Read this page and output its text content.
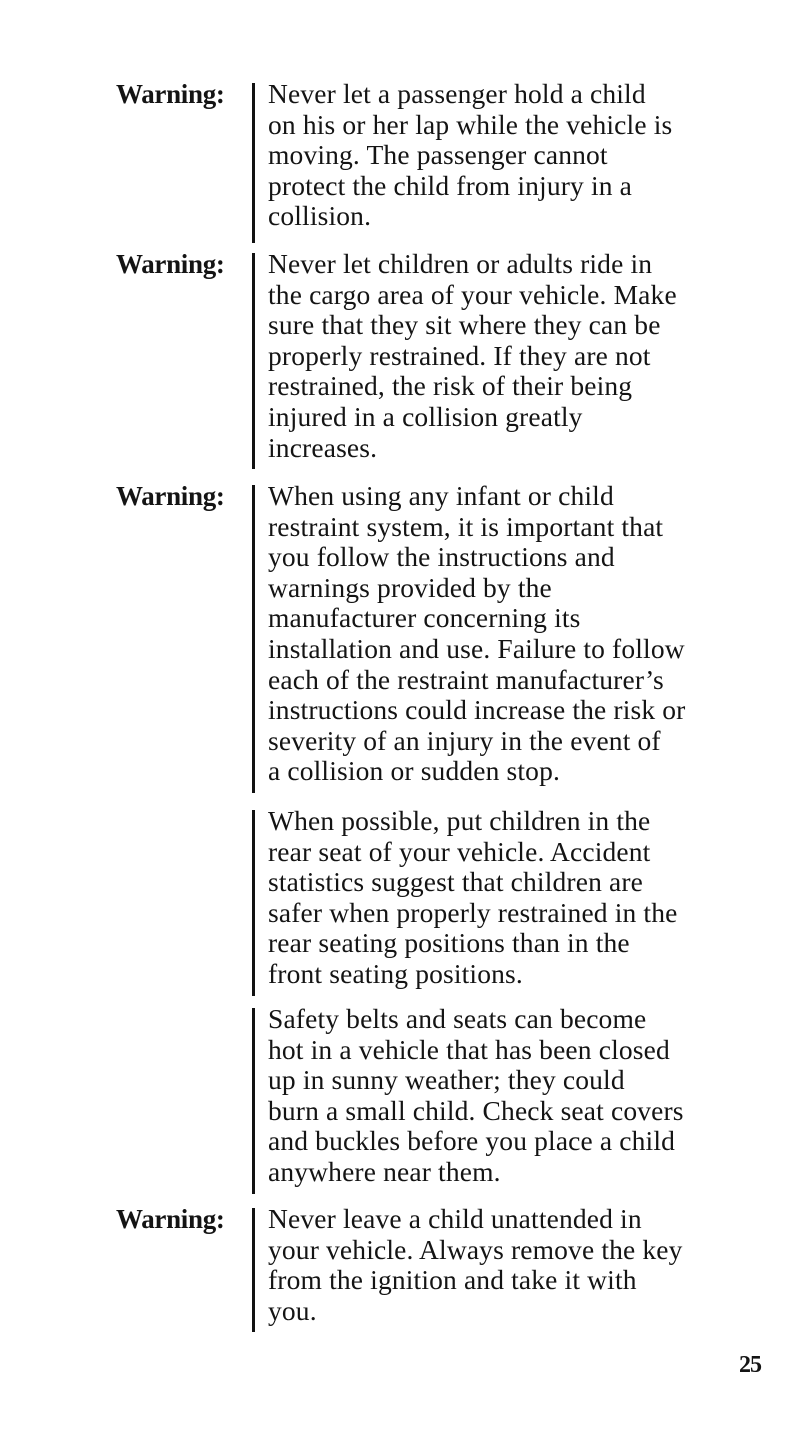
Warning: Never let a passenger hold a child
on his or her lap while the vehicle is
moving. The passenger cannot
protect the child from injury in a
collision.
Warning: Never let children or adults ride in
the cargo area of your vehicle. Make
sure that they sit where they can be
properly restrained. If they are not
restrained, the risk of their being
injured in a collision greatly
increases.
Warning: When using any infant or child
restraint system, it is important that
you follow the instructions and
warnings provided by the
manufacturer concerning its
installation and use. Failure to follow
each of the restraint manufacturer’s
instructions could increase the risk or
severity of an injury in the event of
a collision or sudden stop.
When possible, put children in the
rear seat of your vehicle. Accident
statistics suggest that children are
safer when properly restrained in the
rear seating positions than in the
front seating positions.
Safety belts and seats can become
hot in a vehicle that has been closed
up in sunny weather; they could
burn a small child. Check seat covers
and buckles before you place a child
anywhere near them.
Warning: Never leave a child unattended in
your vehicle. Always remove the key
from the ignition and take it with
you.
25
